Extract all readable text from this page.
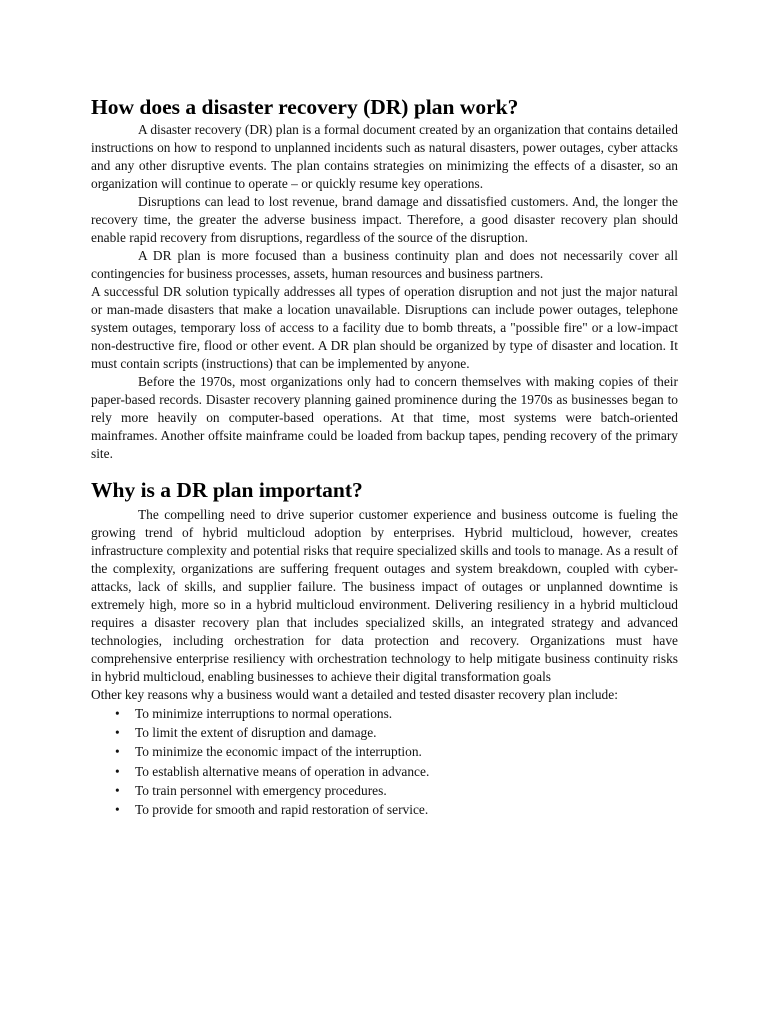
How does a disaster recovery (DR) plan work?

A disaster recovery (DR) plan is a formal document created by an organization that contains detailed instructions on how to respond to unplanned incidents such as natural disasters, power outages, cyber attacks and any other disruptive events. The plan contains strategies on minimizing the effects of a disaster, so an organization will continue to operate – or quickly resume key operations.

Disruptions can lead to lost revenue, brand damage and dissatisfied customers. And, the longer the recovery time, the greater the adverse business impact. Therefore, a good disaster recovery plan should enable rapid recovery from disruptions, regardless of the source of the disruption.

A DR plan is more focused than a business continuity plan and does not necessarily cover all contingencies for business processes, assets, human resources and business partners.

A successful DR solution typically addresses all types of operation disruption and not just the major natural or man-made disasters that make a location unavailable. Disruptions can include power outages, telephone system outages, temporary loss of access to a facility due to bomb threats, a "possible fire" or a low-impact non-destructive fire, flood or other event. A DR plan should be organized by type of disaster and location. It must contain scripts (instructions) that can be implemented by anyone.

Before the 1970s, most organizations only had to concern themselves with making copies of their paper-based records. Disaster recovery planning gained prominence during the 1970s as businesses began to rely more heavily on computer-based operations. At that time, most systems were batch-oriented mainframes. Another offsite mainframe could be loaded from backup tapes, pending recovery of the primary site.

Why is a DR plan important?

The compelling need to drive superior customer experience and business outcome is fueling the growing trend of hybrid multicloud adoption by enterprises. Hybrid multicloud, however, creates infrastructure complexity and potential risks that require specialized skills and tools to manage. As a result of the complexity, organizations are suffering frequent outages and system breakdown, coupled with cyber-attacks, lack of skills, and supplier failure. The business impact of outages or unplanned downtime is extremely high, more so in a hybrid multicloud environment. Delivering resiliency in a hybrid multicloud requires a disaster recovery plan that includes specialized skills, an integrated strategy and advanced technologies, including orchestration for data protection and recovery. Organizations must have comprehensive enterprise resiliency with orchestration technology to help mitigate business continuity risks in hybrid multicloud, enabling businesses to achieve their digital transformation goals

Other key reasons why a business would want a detailed and tested disaster recovery plan include:

• To minimize interruptions to normal operations.
• To limit the extent of disruption and damage.
• To minimize the economic impact of the interruption.
• To establish alternative means of operation in advance.
• To train personnel with emergency procedures.
• To provide for smooth and rapid restoration of service.
